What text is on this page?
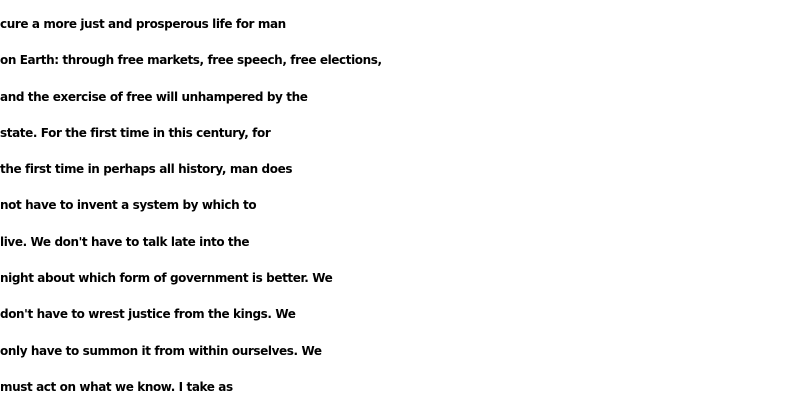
cure a more just and prosperous life for man
on Earth: through free markets, free speech, free elections,
and the exercise of free will unhampered by the
state. For the first time in this century, for
the first time in perhaps all history, man does
not have to invent a system by which to
live. We don't have to talk late into the
night about which form of government is better. We
don't have to wrest justice from the kings. We
only have to summon it from within ourselves. We
must act on what we know. I take as
